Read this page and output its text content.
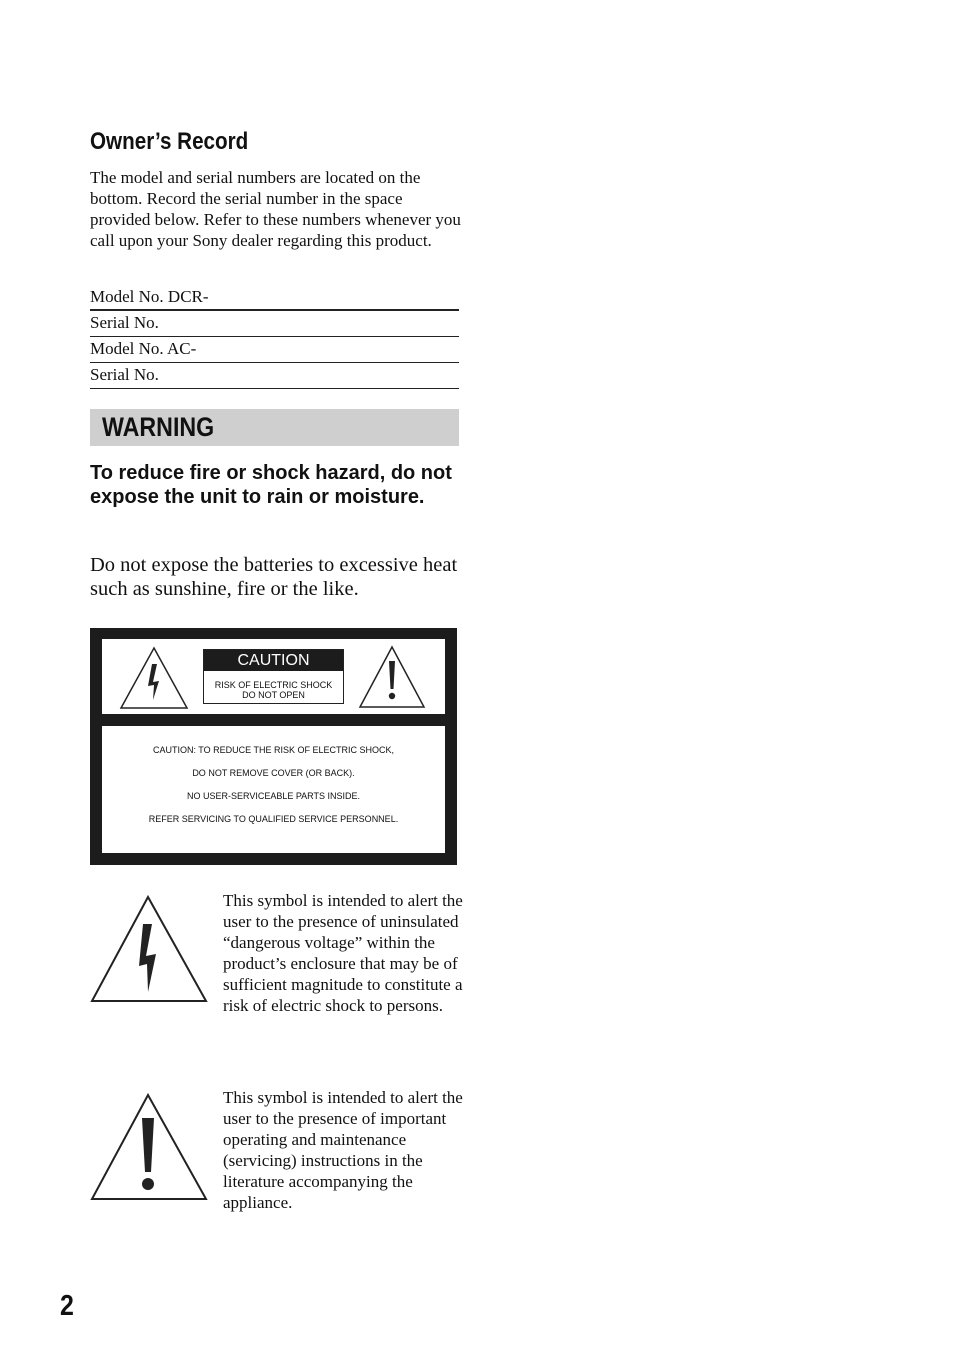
Owner’s Record

The model and serial numbers are located on the bottom. Record the serial number in the space provided below. Refer to these numbers whenever you call upon your Sony dealer regarding this product.

Model No. DCR-
Serial No.
Model No. AC-
Serial No.
WARNING

To reduce fire or shock hazard, do not expose the unit to rain or moisture.

Do not expose the batteries to excessive heat such as sunshine, fire or the like.

CAUTION
RISK OF ELECTRIC SHOCK
DO NOT OPEN
CAUTION: TO REDUCE THE RISK OF ELECTRIC SHOCK,
DO NOT REMOVE COVER (OR BACK).
NO USER-SERVICEABLE PARTS INSIDE.
REFER SERVICING TO QUALIFIED SERVICE PERSONNEL.

This symbol is intended to alert the user to the presence of uninsulated “dangerous voltage” within the product’s enclosure that may be of sufficient magnitude to constitute a risk of electric shock to persons.

This symbol is intended to alert the user to the presence of important operating and maintenance (servicing) instructions in the literature accompanying the appliance.

2
